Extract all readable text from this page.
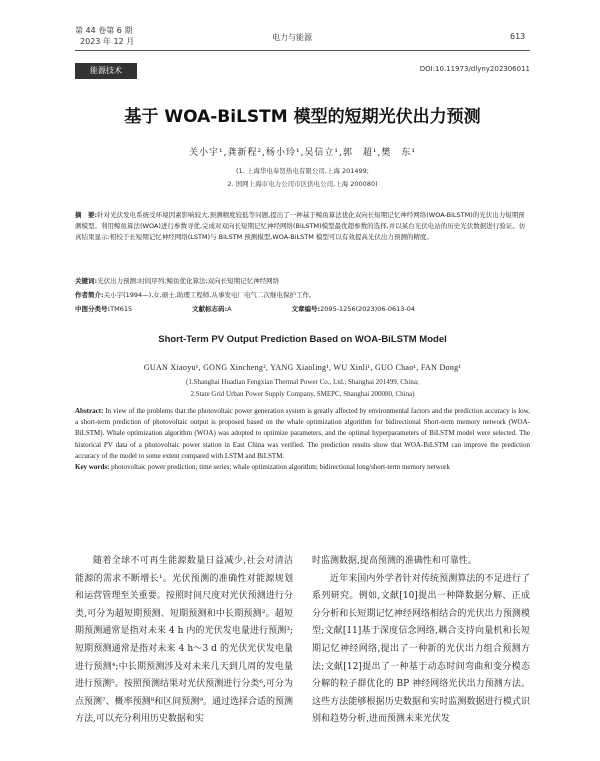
第 44 卷第 6 期
2023 年 12 月	电力与能源	613
能源技术	DOI:10.11973/dlyny202306011
基于 WOA-BiLSTM 模型的短期光伏出力预测
关小宇¹,龚新程²,杨小玲¹,吴信立¹,郭　超¹,樊　东¹
(1. 上海华电奉贤热电有限公司,上海 201499;
2. 国网上海市电力公司市区供电公司,上海 200080)
摘　要:针对光伏发电系统受环境因素影响较大,预测精度较低等问题,提出了一种基于鲸鱼算法优化双向长短期记忆神经网络(WOA-BiLSTM)的光伏出力短期预测模型。利用鲸鱼算法(WOA)进行参数寻优,完成对双向长短期记忆神经网络(BiLSTM)模型最优超参数的选择,并以某台光伏电站的历史光伏数据进行验证。仿真结果显示:相较于长短期记忆神经网络(LSTM)与 BiLSTM 预测模型,WOA-BiLSTM 模型可以有效提高光伏出力预测的精度。
关键词:光伏出力预测;时间序列;鲸鱼优化算法;双向长短期记忆神经网络
作者简介:关小宇(1994—),女,硕士,助理工程师,从事发电厂电气二次继电保护工作。
中图分类号:TM615	文献标志码:A	文章编号:2095-1256(2023)06-0613-04
Short-Term PV Output Prediction Based on WOA-BiLSTM Model
GUAN Xiaoyu¹, GONG Xincheng², YANG Xiaoling¹, WU Xinli¹, GUO Chao¹, FAN Dong¹
(1.Shanghai Huadian Fengxian Thermal Power Co., Ltd., Shanghai 201499, China;
2.State Grid Urban Power Supply Company, SMEPC, Shanghai 200080, China)
Abstract: In view of the problems that the photovoltaic power generation system is greatly affected by environmental factors and the prediction accuracy is low, a short-term prediction of photovoltaic output is proposed based on the whale optimization algorithm for bidirectional Short-term memory network (WOA-BiLSTM). Whale optimization algorithm (WOA) was adopted to optimize parameters, and the optimal hyperparameters of BiLSTM model were selected. The historical PV data of a photovoltaic power station in East China was verified. The prediction results show that WOA-BiLSTM can improve the prediction accuracy of the model to some extent compared with LSTM and BiLSTM.
Key words: photovoltaic power prediction; time series; whale optimization algorithm; bidirectional long/short-term memory network

随着全球不可再生能源数量日益减少,社会对清洁能源的需求不断增长¹。光伏预测的准确性对能源规划和运营管理至关重要。按照时间尺度对光伏预测进行分类,可分为超短期预测、短期预测和中长期预测²。超短期预测通常是指对未来 4 h 内的光伏发电量进行预测³;短期预测通常是指对未来 4 h～3 d 的光伏光伏发电量进行预测⁴;中长期预测涉及对未来几天到几周的发电量进行预测⁵。按照预测结果对光伏预测进行分类⁶,可分为点预测⁷、概率预测⁸和区间预测⁹。通过选择合适的预测方法,可以充分利用历史数据和实

时监测数据,提高预测的准确性和可靠性。

近年来国内外学者针对传统预测算法的不足进行了系列研究。例如,文献[10]提出一种降数据分解、正成分分析和长短期记忆神经网络相结合的光伏出力预测模型;文献[11]基于深度信念网络,耦合支持向量机和长短期记忆神经网络,提出了一种新的光伏出力组合预测方法;文献[12]提出了一种基于动态时间弯曲和变分模态分解的粒子群优化的 BP 神经网络光伏出力预测方法。这些方法能够根据历史数据和实时监测数据进行模式识别和趋势分析,进而预测未来光伏发
